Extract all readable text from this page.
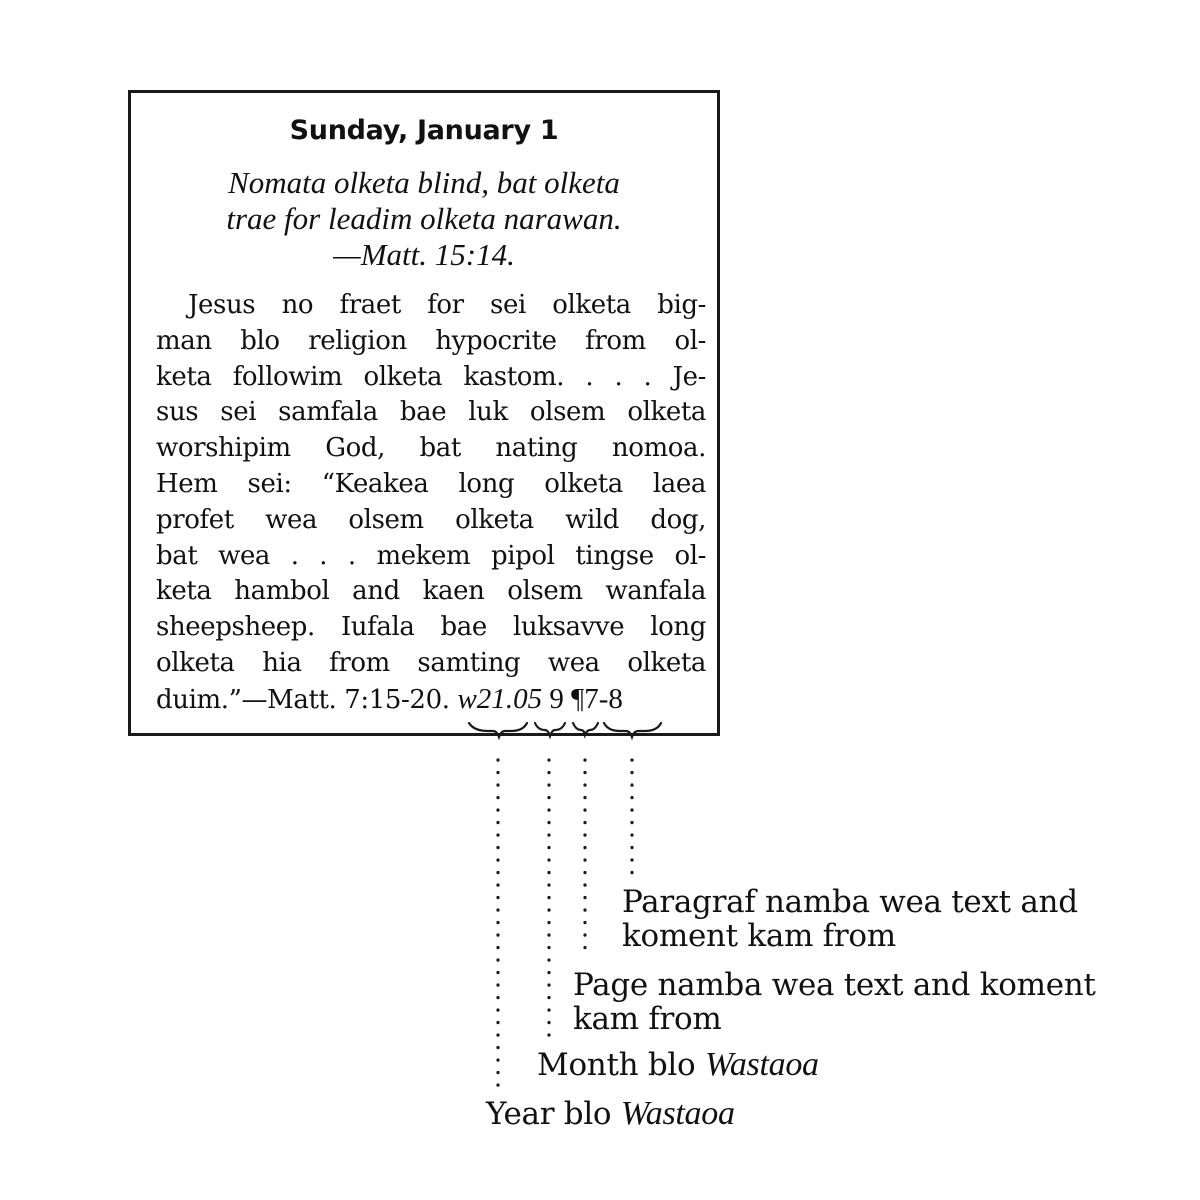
Sunday, January 1
Nomata olketa blind, bat olketa
trae for leadim olketa narawan.
—Matt. 15:14.
Jesus no fraet for sei olketa big-
man blo religion hypocrite from ol-
keta followim olketa kastom. . . . Je-
sus sei samfala bae luk olsem olketa
worshipim God, bat nating nomoa.
Hem sei: “Keakea long olketa laea
profet wea olsem olketa wild dog,
bat wea . . . mekem pipol tingse ol-
keta hambol and kaen olsem wanfala
sheepsheep. Iufala bae luksavve long
olketa hia from samting wea olketa
duim.”—Matt. 7:15-20. w21.05 9 ¶7-8
Paragraf namba wea text and
koment kam from
Page namba wea text and koment
kam from
Month blo Wastaoa
Year blo Wastaoa
